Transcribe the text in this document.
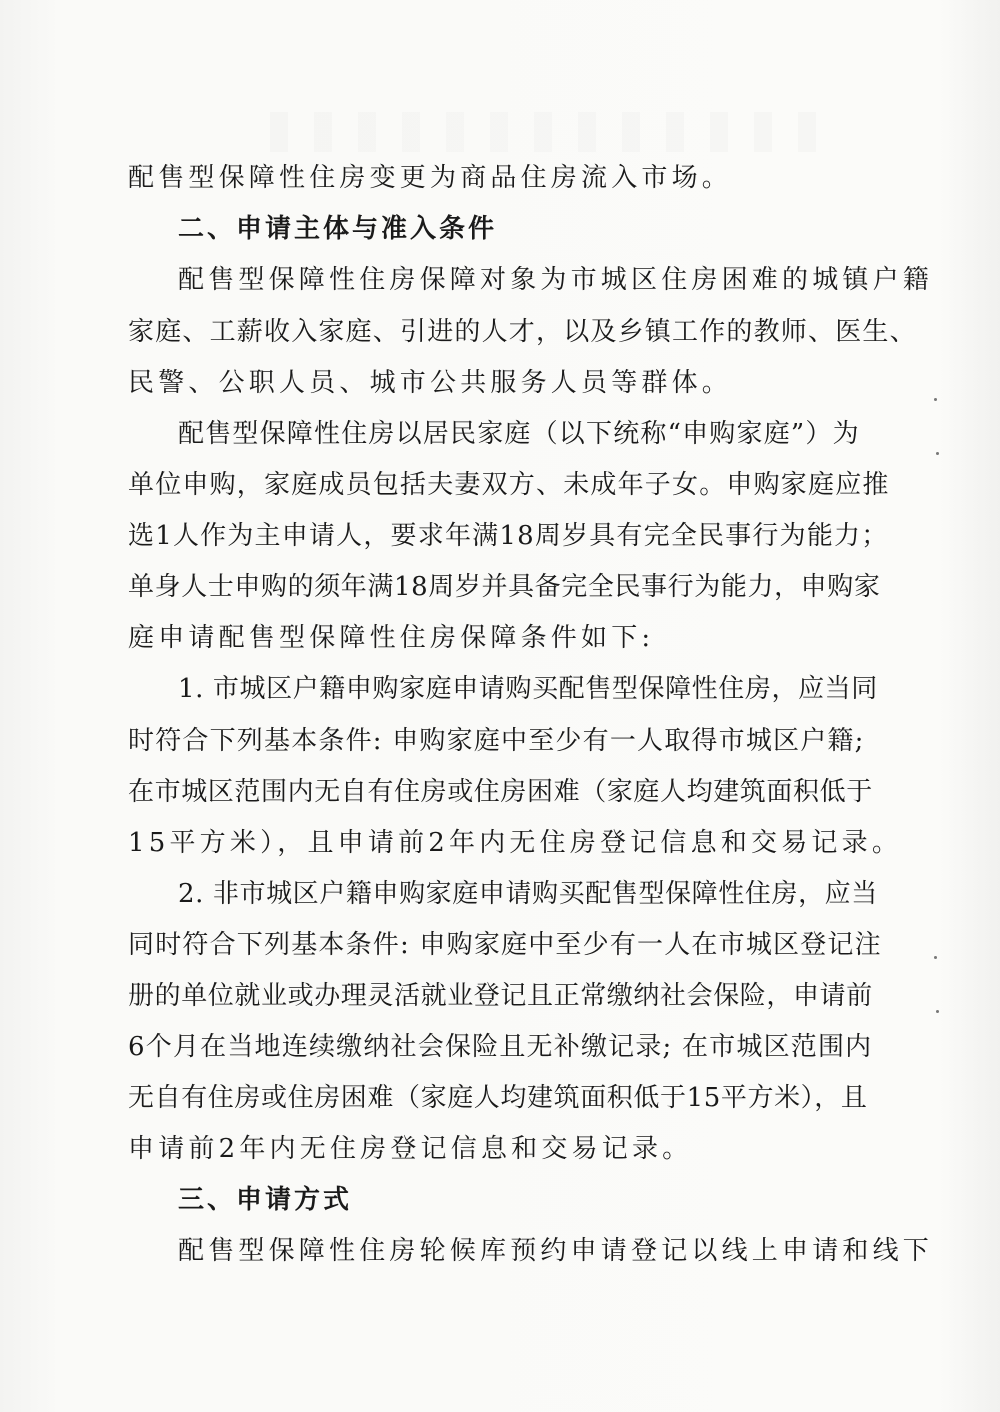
配售型保障性住房变更为商品住房流入市场。
二、申请主体与准入条件
配售型保障性住房保障对象为市城区住房困难的城镇户籍
家庭、工薪收入家庭、引进的人才，以及乡镇工作的教师、医生、
民警、公职人员、城市公共服务人员等群体。
配售型保障性住房以居民家庭（以下统称“申购家庭”）为
单位申购，家庭成员包括夫妻双方、未成年子女。申购家庭应推
选1人作为主申请人，要求年满18周岁具有完全民事行为能力；
单身人士申购的须年满18周岁并具备完全民事行为能力，申购家
庭申请配售型保障性住房保障条件如下:
1. 市城区户籍申购家庭申请购买配售型保障性住房，应当同
时符合下列基本条件: 申购家庭中至少有一人取得市城区户籍;
在市城区范围内无自有住房或住房困难（家庭人均建筑面积低于
15平方米），且申请前2年内无住房登记信息和交易记录。
2. 非市城区户籍申购家庭申请购买配售型保障性住房，应当
同时符合下列基本条件: 申购家庭中至少有一人在市城区登记注
册的单位就业或办理灵活就业登记且正常缴纳社会保险，申请前
6个月在当地连续缴纳社会保险且无补缴记录; 在市城区范围内
无自有住房或住房困难（家庭人均建筑面积低于15平方米），且
申请前2年内无住房登记信息和交易记录。
三、申请方式
配售型保障性住房轮候库预约申请登记以线上申请和线下
